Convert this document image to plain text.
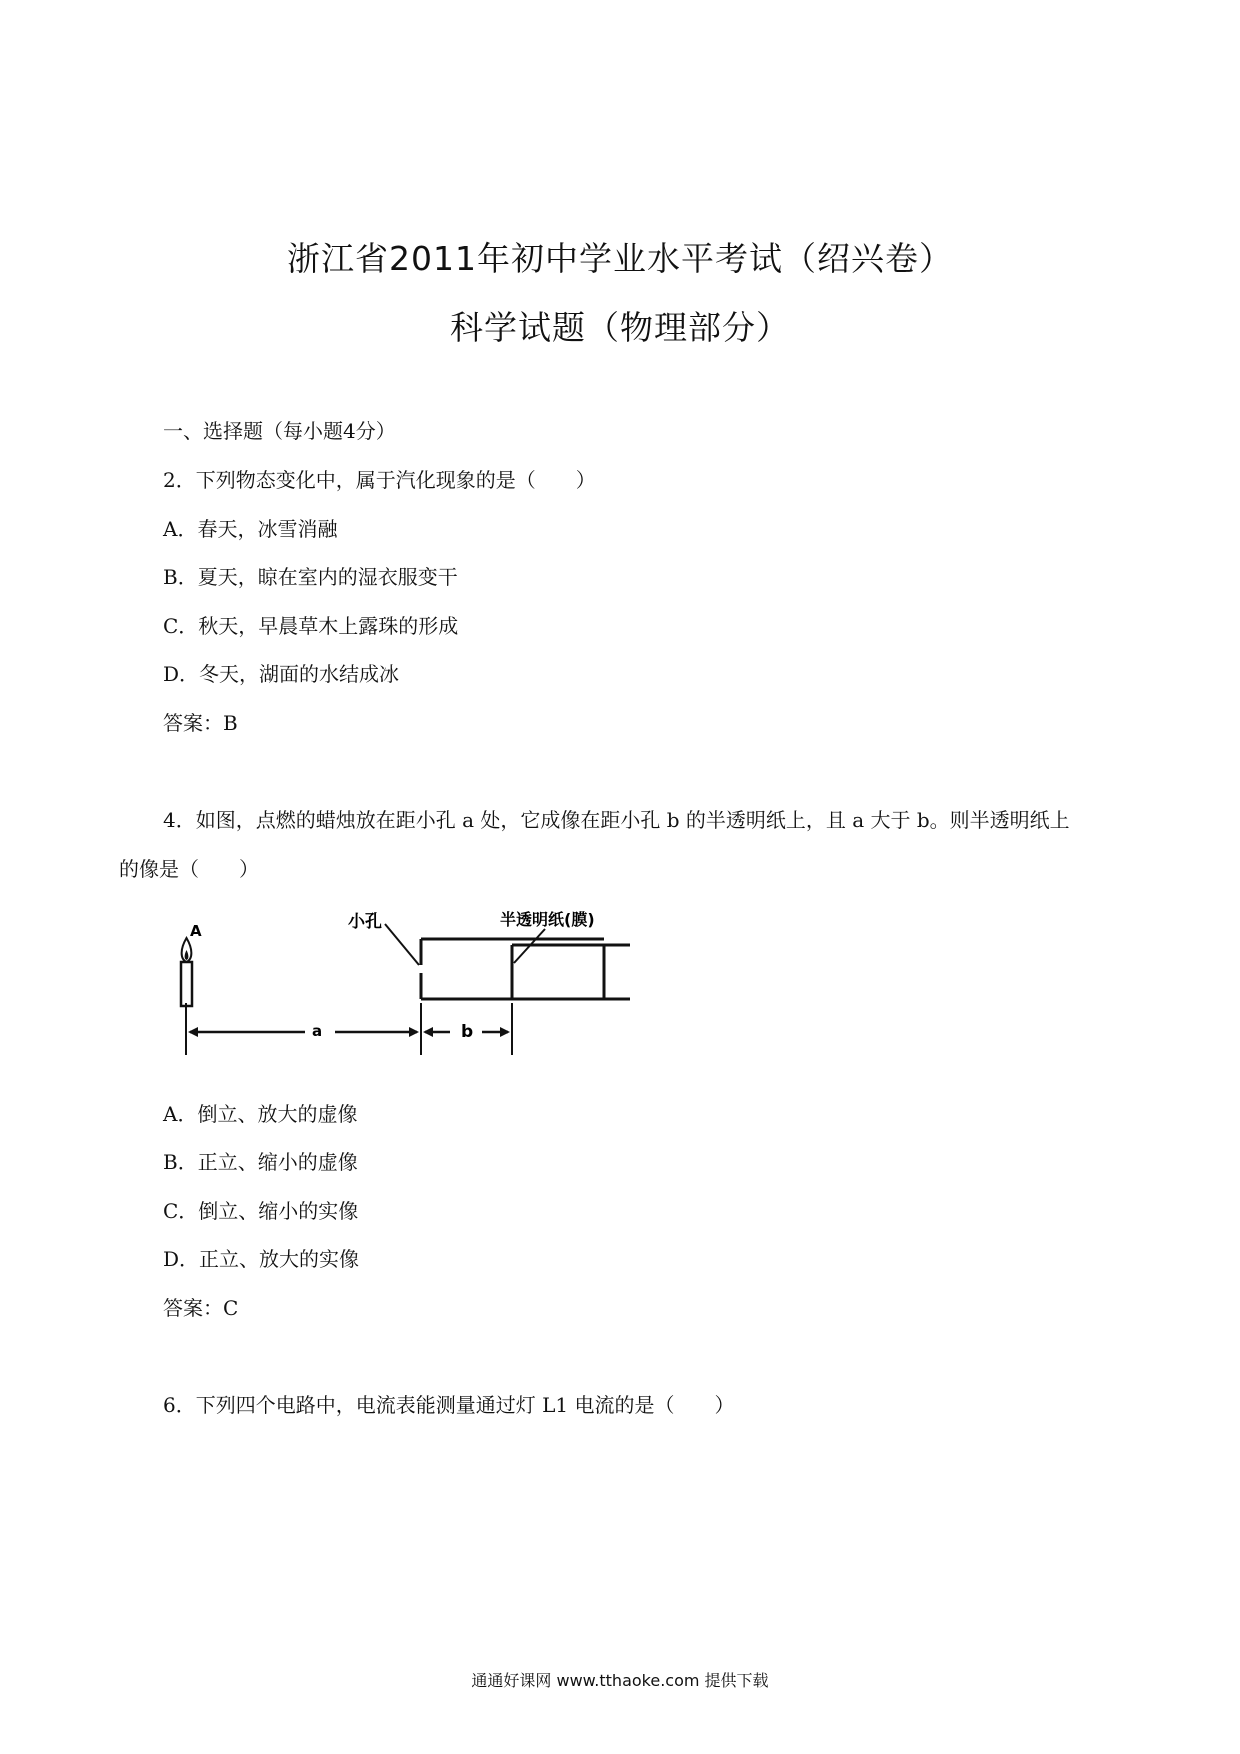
浙江省2011年初中学业水平考试（绍兴卷）
科学试题（物理部分）
一、选择题（每小题4分）
2．下列物态变化中，属于汽化现象的是（　　）
A．春天，冰雪消融
B．夏天，晾在室内的湿衣服变干
C．秋天，早晨草木上露珠的形成
D．冬天，湖面的水结成冰
答案：B
4．如图，点燃的蜡烛放在距小孔 a 处，它成像在距小孔 b 的半透明纸上，且 a 大于 b。则半透明纸上
的像是（　　）
A	小孔	半透明纸(膜)
a	b
A．倒立、放大的虚像
B．正立、缩小的虚像
C．倒立、缩小的实像
D．正立、放大的实像
答案：C
6．下列四个电路中，电流表能测量通过灯 L1 电流的是（　　）
通通好课网 www.tthaoke.com 提供下载
